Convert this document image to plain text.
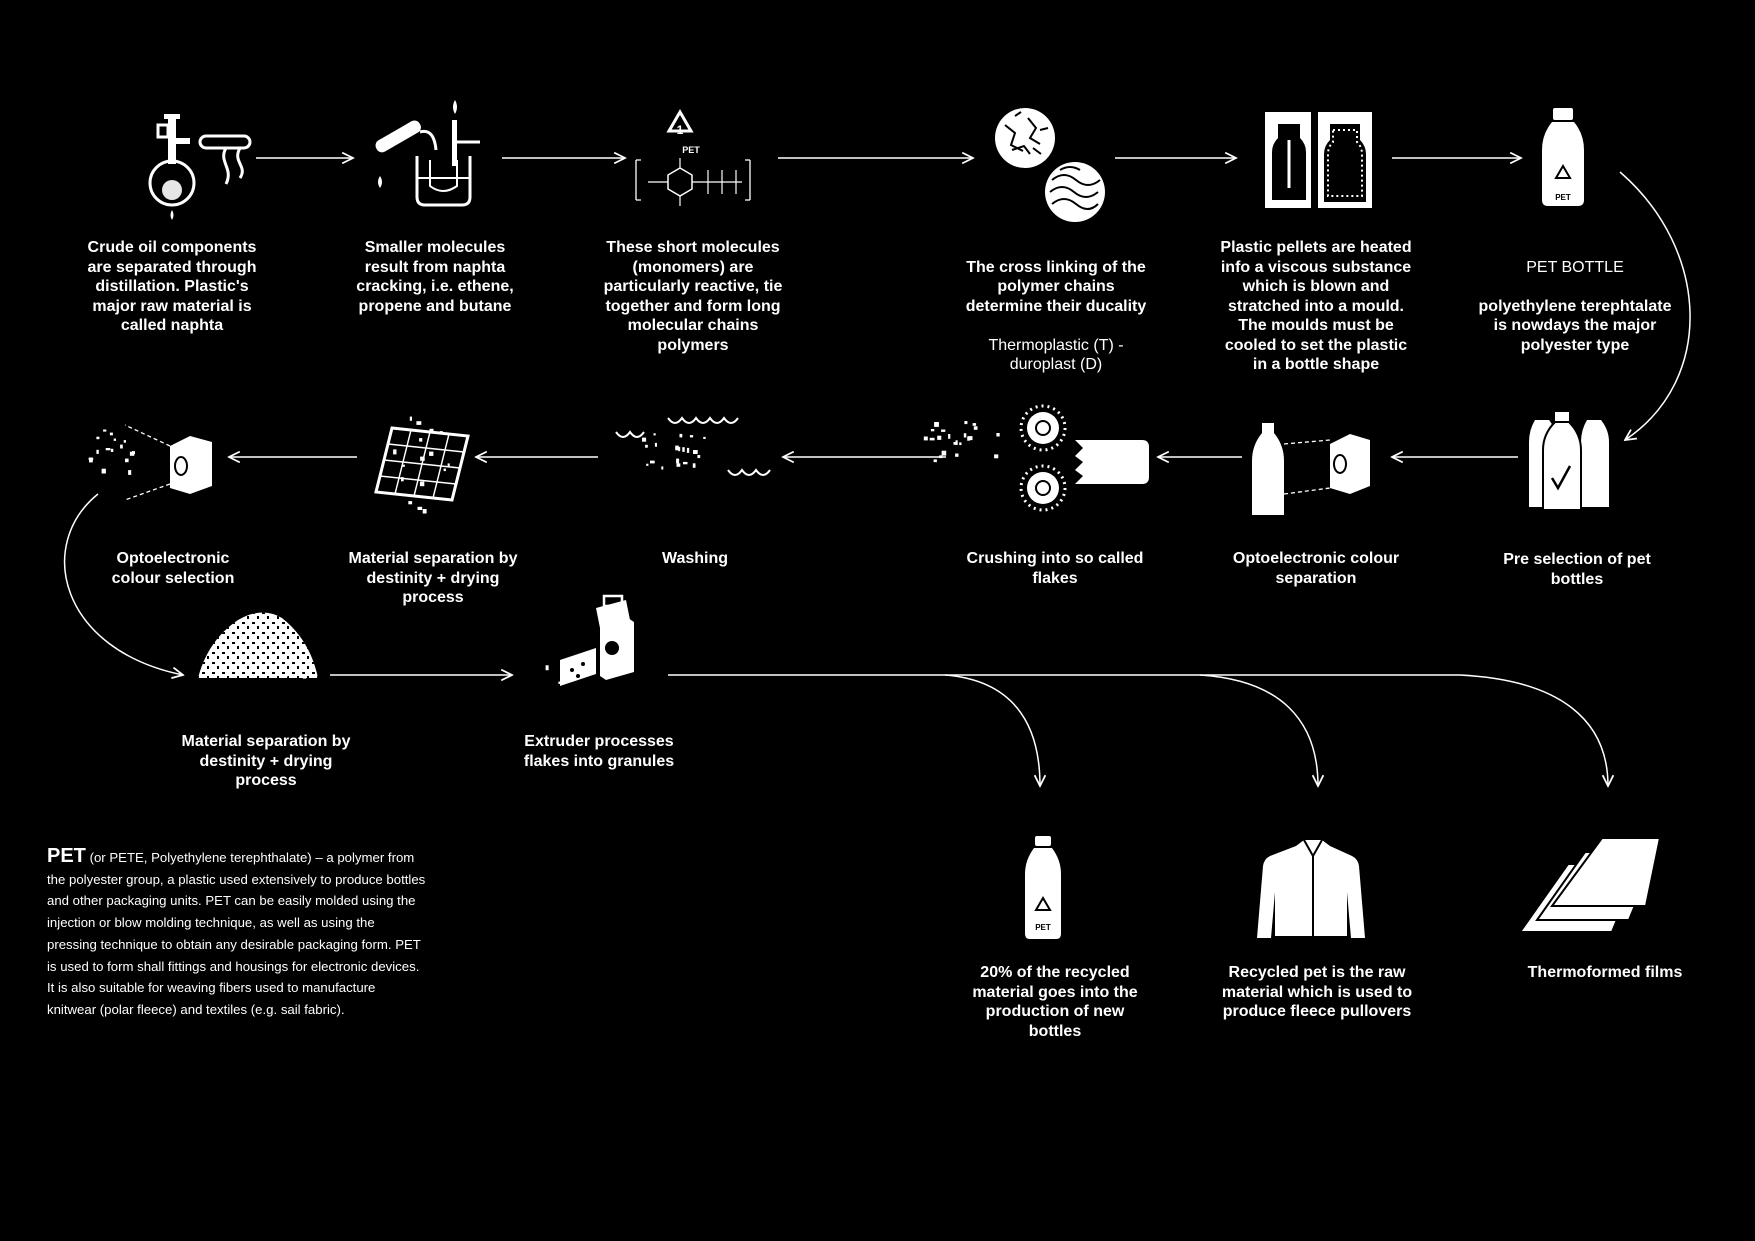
1
PET
PET
PET
Crude oil components
are separated through
distillation. Plastic's
major raw material is
called naphta
Smaller molecules
result from naphta
cracking, i.e. ethene,
propene and butane
These short molecules
(monomers) are
particularly reactive, tie
together and form long
molecular chains
polymers

The cross linking of the
polymer chains
determine their ducality

Thermoplastic (T) -
duroplast (D)

Plastic pellets are heated
info a viscous substance
which is blown and
stratched into a mould.
The moulds must be
cooled to set the plastic
in a bottle shape

PET BOTTLE

polyethylene terephtalate
is nowdays the major
polyester type

Pre selection of pet
bottles
Optoelectronic colour
separation
Crushing into so called
flakes
Washing
Material separation by
destinity + drying
process
Optoelectronic
colour selection
Material separation by
destinity + drying
process
Extruder processes
flakes into granules
20% of the recycled
material goes into the
production of new
bottles
Recycled pet is the raw
material which is used to
produce fleece pullovers
Thermoformed films
PET (or PETE, Polyethylene terephthalate) – a polymer from the polyester group, a plastic used extensively to produce bottles and other packaging units. PET can be easily molded using the injection or blow molding technique, as well as using the pressing technique to obtain any desirable packaging form. PET is used to form shall fittings and housings for electronic devices. It is also suitable for weaving fibers used to manufacture knitwear (polar fleece) and textiles (e.g. sail fabric).
